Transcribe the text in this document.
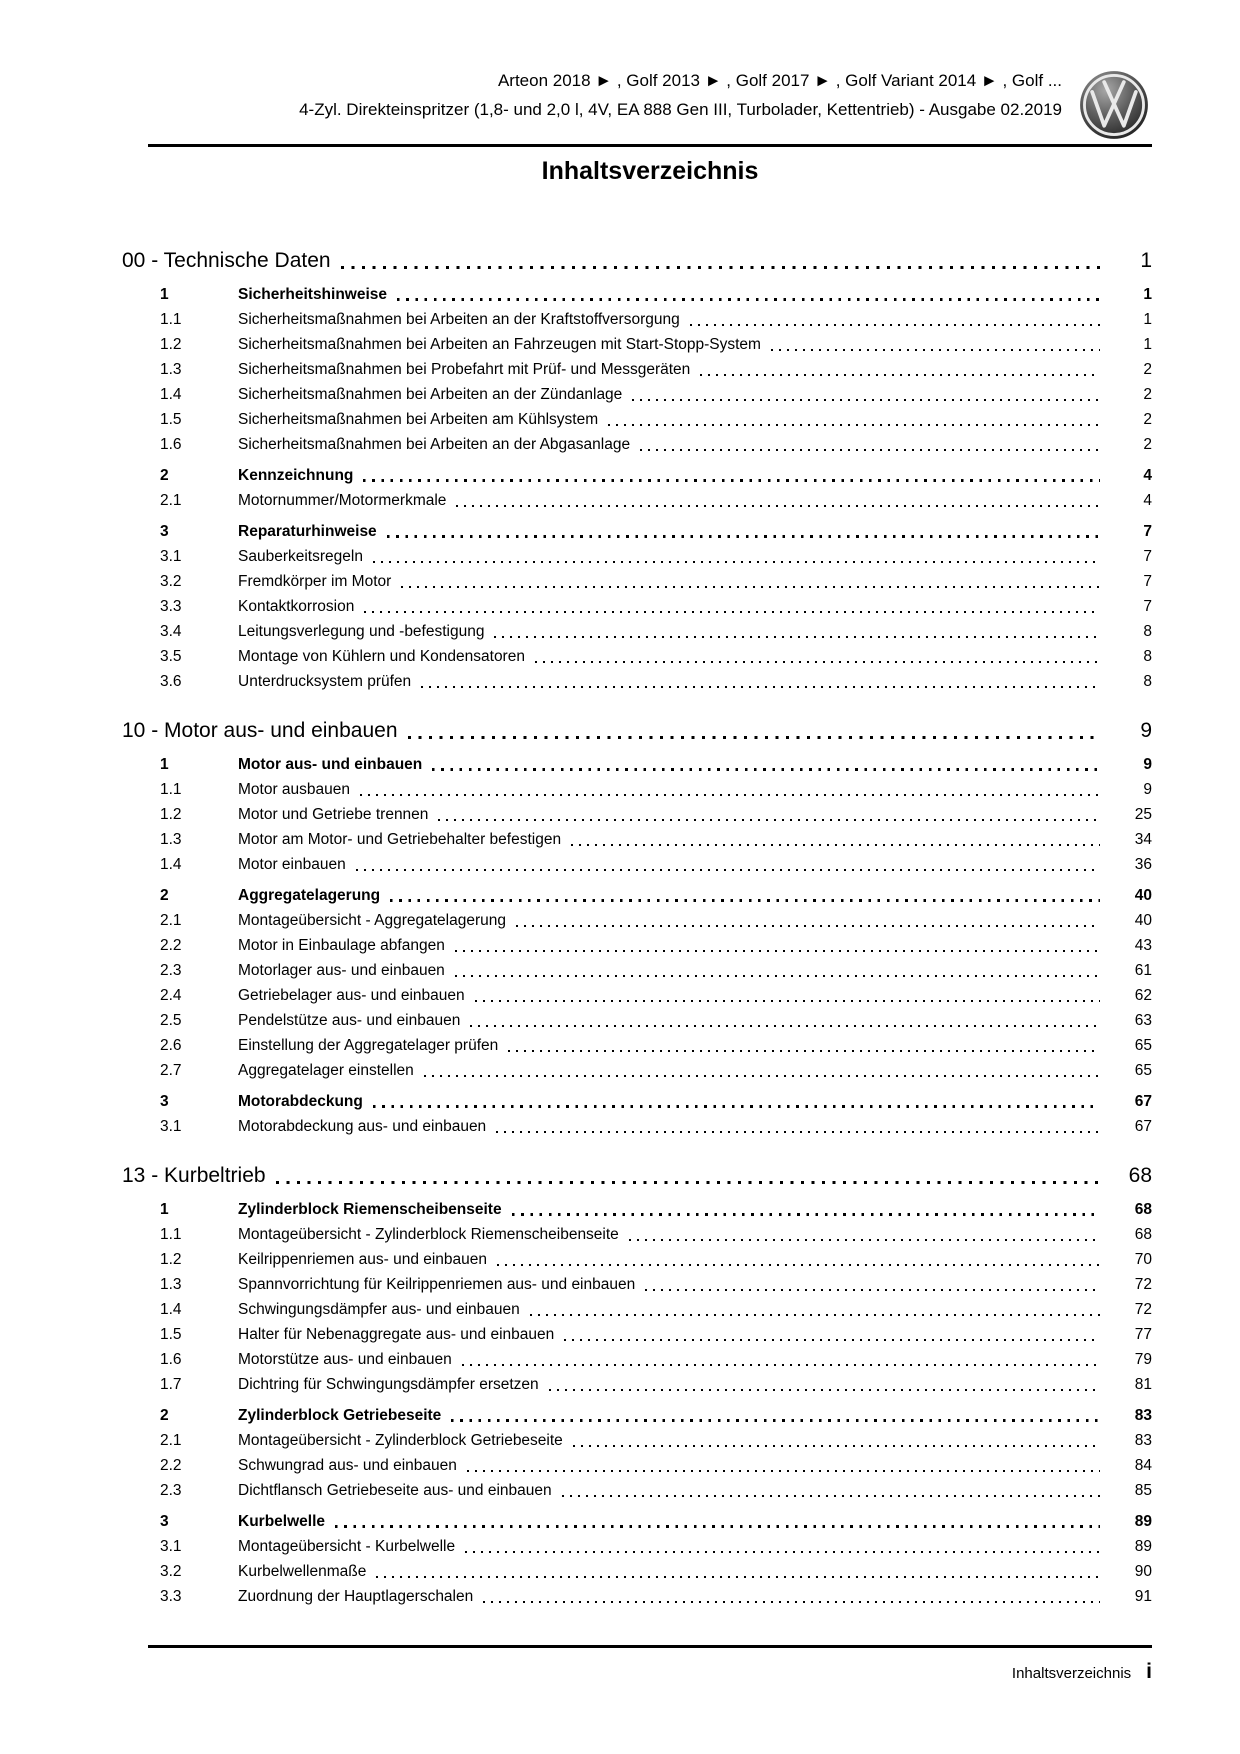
Arteon 2018 ► , Golf 2013 ► , Golf 2017 ► , Golf Variant 2014 ► , Golf ...
4-Zyl. Direkteinspritzer (1,8- und 2,0 l, 4V, EA 888 Gen III, Turbolader, Kettentrieb) - Ausgabe 02.2019
Inhaltsverzeichnis
00 - Technische Daten	1
1	Sicherheitshinweise	1
1.1	Sicherheitsmaßnahmen bei Arbeiten an der Kraftstoffversorgung	1
1.2	Sicherheitsmaßnahmen bei Arbeiten an Fahrzeugen mit Start-Stopp-System	1
1.3	Sicherheitsmaßnahmen bei Probefahrt mit Prüf- und Messgeräten	2
1.4	Sicherheitsmaßnahmen bei Arbeiten an der Zündanlage	2
1.5	Sicherheitsmaßnahmen bei Arbeiten am Kühlsystem	2
1.6	Sicherheitsmaßnahmen bei Arbeiten an der Abgasanlage	2
2	Kennzeichnung	4
2.1	Motornummer/Motormerkmale	4
3	Reparaturhinweise	7
3.1	Sauberkeitsregeln	7
3.2	Fremdkörper im Motor	7
3.3	Kontaktkorrosion	7
3.4	Leitungsverlegung und -befestigung	8
3.5	Montage von Kühlern und Kondensatoren	8
3.6	Unterdrucksystem prüfen	8
10 - Motor aus- und einbauen	9
1	Motor aus- und einbauen	9
1.1	Motor ausbauen	9
1.2	Motor und Getriebe trennen	25
1.3	Motor am Motor- und Getriebehalter befestigen	34
1.4	Motor einbauen	36
2	Aggregatelagerung	40
2.1	Montageübersicht - Aggregatelagerung	40
2.2	Motor in Einbaulage abfangen	43
2.3	Motorlager aus- und einbauen	61
2.4	Getriebelager aus- und einbauen	62
2.5	Pendelstütze aus- und einbauen	63
2.6	Einstellung der Aggregatelager prüfen	65
2.7	Aggregatelager einstellen	65
3	Motorabdeckung	67
3.1	Motorabdeckung aus- und einbauen	67
13 - Kurbeltrieb	68
1	Zylinderblock Riemenscheibenseite	68
1.1	Montageübersicht - Zylinderblock Riemenscheibenseite	68
1.2	Keilrippenriemen aus- und einbauen	70
1.3	Spannvorrichtung für Keilrippenriemen aus- und einbauen	72
1.4	Schwingungsdämpfer aus- und einbauen	72
1.5	Halter für Nebenaggregate aus- und einbauen	77
1.6	Motorstütze aus- und einbauen	79
1.7	Dichtring für Schwingungsdämpfer ersetzen	81
2	Zylinderblock Getriebeseite	83
2.1	Montageübersicht - Zylinderblock Getriebeseite	83
2.2	Schwungrad aus- und einbauen	84
2.3	Dichtflansch Getriebeseite aus- und einbauen	85
3	Kurbelwelle	89
3.1	Montageübersicht - Kurbelwelle	89
3.2	Kurbelwellenmaße	90
3.3	Zuordnung der Hauptlagerschalen	91
Inhaltsverzeichnis i
